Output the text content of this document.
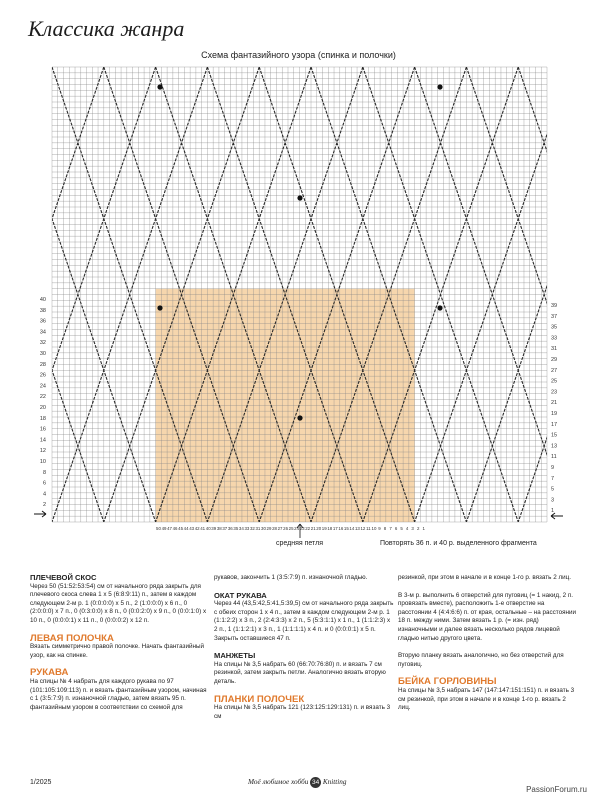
Классика жанра
Схема фантазийного узора (спинка и полочки)
40
38
36
34
32
30
28
26
24
22
20
18
16
14
12
10
8
6
4
2
39
37
35
33
31
29
27
25
23
21
19
17
15
13
11
9
7
5
3
1
50 49 47 46 45 44 43 42 41 40 39 38 37 36 35 34 33 32 31 30 29 28 27 26 25 24 23 22 21 20 19 18 17 16 15 14 13 12 11 10 9 8 7 6 5 4 3 2 1
средняя петля	Повторять 36 п. и 40 р. выделенного фрагмента
ПЛЕЧЕВОЙ СКОС

Через 50 (51:52:53:54) см от начального ряда закрыть для плечевого скоса слева 1 х 5 (6:8:9:11) п., затем в каждом следующем 2-м р. 1 (0:0:0:0) х 5 п., 2 (1:0:0:0) х 6 п., 0 (2:0:0:0) х 7 п., 0 (0:3:0:0) х 8 п., 0 (0:0:2:0) х 9 п., 0 (0:0:1:0) х 10 п., 0 (0:0:0:1) х 11 п., 0 (0:0:0:2) х 12 п.

ЛЕВАЯ ПОЛОЧКА

Вязать симметрично правой полочке. Начать фантазийный узор, как на спинке.

РУКАВА

На спицы № 4 набрать для каждого рукава по 97 (101:105:109:113) п. и вязать фантазийным узором, начиная с 1 (3:5:7:9) п. изнаночной гладью, затем вязать 95 п. фантазийным узором в соответствии со схемой для

рукавов, закончить 1 (3:5:7:9) п. изнаночной гладью.

ОКАТ РУКАВА

Через 44 (43,5:42,5:41,5:39,5) см от начального ряда закрыть с обеих сторон 1 х 4 п., затем в каждом следующем 2-м р. 1 (1:1:2:2) х 3 п., 2 (2:4:3:3) х 2 п., 5 (5:3:1:1) х 1 п., 1 (1:1:2:3) х 2 п., 1 (1:1:2:1) х 3 п., 1 (1:1:1:1) х 4 п. и 0 (0:0:0:1) х 5 п. Закрыть оставшиеся 47 п.

МАНЖЕТЫ

На спицы № 3,5 набрать 60 (66:70:76:80) п. и вязать 7 см резинкой, затем закрыть петли. Аналогично вязать вторую деталь.

ПЛАНКИ ПОЛОЧЕК

На спицы № 3,5 набрать 121 (123:125:129:131) п. и вязать 3 см

резинкой, при этом в начале и в конце 1-го р. вязать 2 лиц.

В 3-м р. выполнить 6 отверстий для пуговиц (= 1 накид, 2 п. провязать вместе), расположить 1-е отверстие на расстоянии 4 (4:4:6:6) п. от края, остальные – на расстоянии 18 п. между ними. Затем вязать 1 р. (= изн. ряд) изнаночными и далее вязать несколько рядов лицевой гладью нитью другого цвета.

Вторую планку вязать аналогично, но без отверстий для пуговиц.

БЕЙКА ГОРЛОВИНЫ

На спицы № 3,5 набрать 147 (147:147:151:151) п. и вязать 3 см резинкой, при этом в начале и в конце 1-го р. вязать 2 лиц.

1/2025	Моё любимое хобби 34 Knitting
PassionForum.ru
